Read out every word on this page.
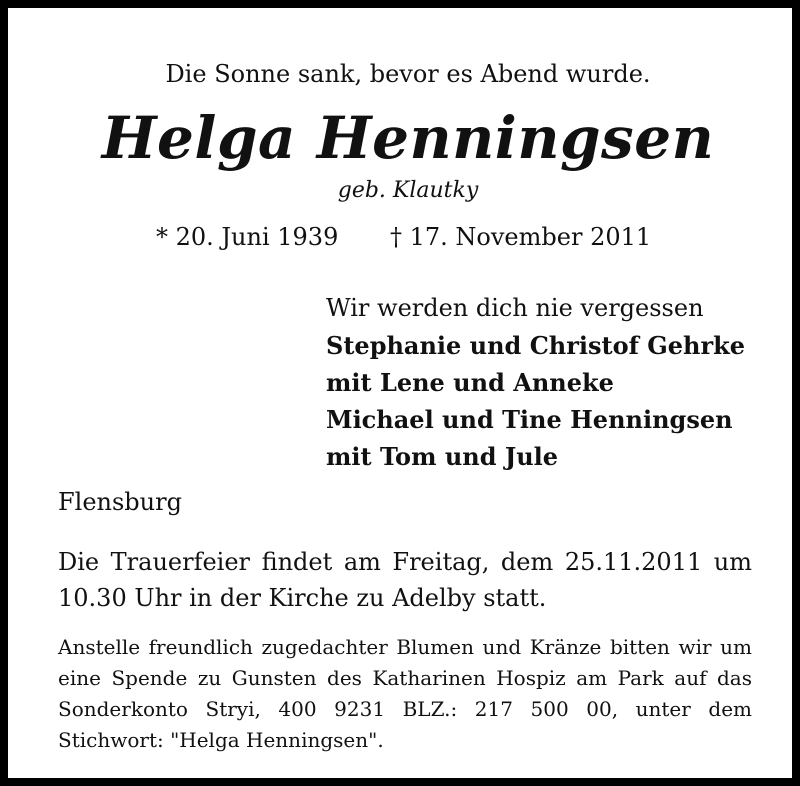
Die Sonne sank, bevor es Abend wurde.
Helga Henningsen
geb. Klautky
* 20. Juni 1939 † 17. November 2011
Wir werden dich nie vergessen
Stephanie und Christof Gehrke
mit Lene und Anneke
Michael und Tine Henningsen
mit Tom und Jule
Flensburg
Die Trauerfeier findet am Freitag, dem 25.11.2011 um 10.30 Uhr in der Kirche zu Adelby statt.
Anstelle freundlich zugedachter Blumen und Kränze bitten wir um eine Spende zu Gunsten des Katharinen Hospiz am Park auf das Sonderkonto Stryi, 400 9231 BLZ.: 217 500 00, unter dem Stichwort: "Helga Henningsen".
